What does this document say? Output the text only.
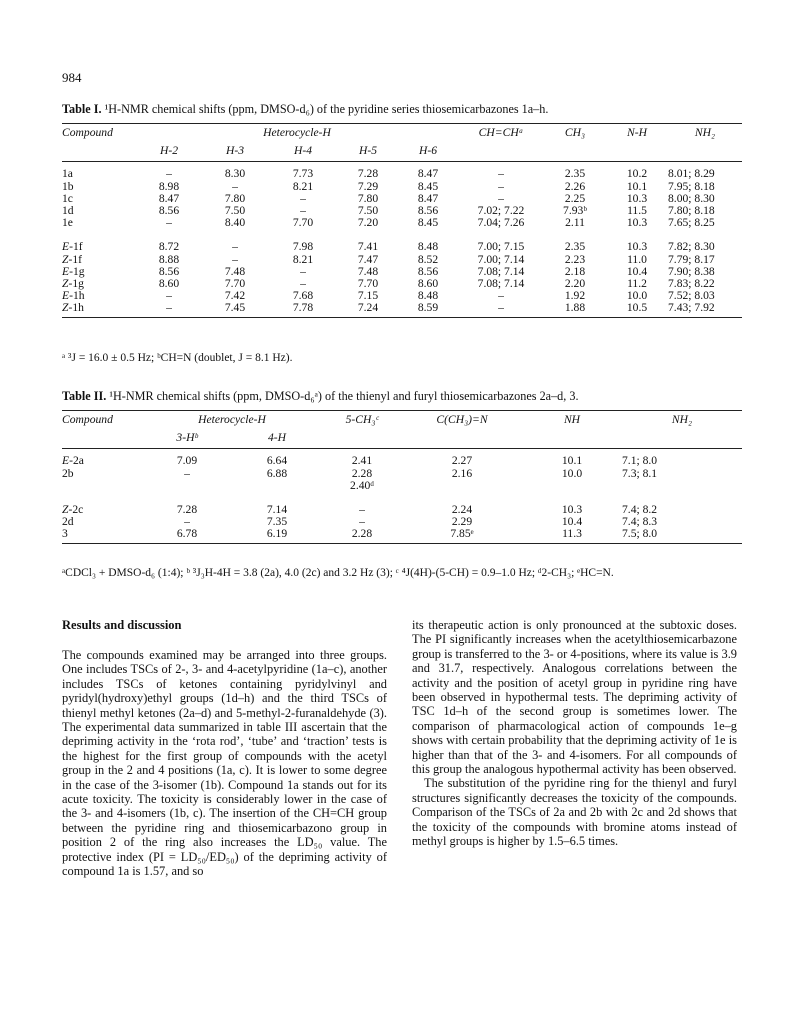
984
Table I. ¹H-NMR chemical shifts (ppm, DMSO-d₆) of the pyridine series thiosemicarbazones 1a–h.
Compound	Heterocycle-H					CH=CHᵃ	CH₃	N-H	NH₂
	H-2	H-3	H-4	H-5	H-6				
1a	–	8.30	7.73	7.28	8.47	–	2.35	10.2	8.01; 8.29
1b	8.98	–	8.21	7.29	8.45	–	2.26	10.1	7.95; 8.18
1c	8.47	7.80	–	7.80	8.47	–	2.25	10.3	8.00; 8.30
1d	8.56	7.50	–	7.50	8.56	7.02; 7.22	7.93ᵇ	11.5	7.80; 8.18
1e	–	8.40	7.70	7.20	8.45	7.04; 7.26	2.11	10.3	7.65; 8.25
E-1f	8.72	–	7.98	7.41	8.48	7.00; 7.15	2.35	10.3	7.82; 8.30
Z-1f	8.88	–	8.21	7.47	8.52	7.00; 7.14	2.23	11.0	7.79; 8.17
E-1g	8.56	7.48	–	7.48	8.56	7.08; 7.14	2.18	10.4	7.90; 8.38
Z-1g	8.60	7.70	–	7.70	8.60	7.08; 7.14	2.20	11.2	7.83; 8.22
E-1h	–	7.42	7.68	7.15	8.48	–	1.92	10.0	7.52; 8.03
Z-1h	–	7.45	7.78	7.24	8.59	–	1.88	10.5	7.43; 7.92
ᵃ ³J = 16.0 ± 0.5 Hz; ᵇCH=N (doublet, J = 8.1 Hz).
Table II. ¹H-NMR chemical shifts (ppm, DMSO-d₆ᵃ) of the thienyl and furyl thiosemicarbazones 2a–d, 3.
Compound	Heterocycle-H		5-CH₃ᶜ	C(CH₃)=N	NH	NH₂
	3-Hᵇ	4-H				
E-2a	7.09	6.64	2.41	2.27	10.1	7.1; 8.0
2b	–	6.88	2.28	2.16	10.0	7.3; 8.1
			2.40ᵈ			
Z-2c	7.28	7.14	–	2.24	10.3	7.4; 8.2
2d	–	7.35	–	2.29	10.4	7.4; 8.3
3	6.78	6.19	2.28	7.85ᵉ	11.3	7.5; 8.0
ᵃCDCl₃ + DMSO-d₆ (1:4); ᵇ ³J₃H-4H = 3.8 (2a), 4.0 (2c) and 3.2 Hz (3); ᶜ ⁴J(4H)-(5-CH) = 0.9–1.0 Hz; ᵈ2-CH₃; ᵉHC=N.
Results and discussion

The compounds examined may be arranged into three groups. One includes TSCs of 2-, 3- and 4-acetylpyridine (1a–c), another includes TSCs of ketones containing pyridylvinyl and pyridyl(hydroxy)ethyl groups (1d–h) and the third TSCs of thienyl methyl ketones (2a–d) and 5-methyl-2-furanaldehyde (3). The experimental data summarized in table III ascertain that the depriming activity in the ‘rota rod’, ‘tube’ and ‘traction’ tests is the highest for the first group of compounds with the acetyl group in the 2 and 4 positions (1a, c). It is lower to some degree in the case of the 3-isomer (1b). Compound 1a stands out for its acute toxicity. The toxicity is considerably lower in the case of the 3- and 4-isomers (1b, c). The insertion of the CH=CH group between the pyridine ring and thiosemicarbazono group in position 2 of the ring also increases the LD₅₀ value. The protective index (PI = LD₅₀/ED₅₀) of the depriming activity of compound 1a is 1.57, and so

its therapeutic action is only pronounced at the subtoxic doses. The PI significantly increases when the acetylthiosemicarbazone group is transferred to the 3- or 4-positions, where its value is 3.9 and 31.7, respectively. Analogous correlations between the activity and the position of acetyl group in pyridine ring have been observed in hypothermal tests. The depriming activity of TSC 1d–h of the second group is sometimes lower. The comparison of pharmacological action of compounds 1e–g shows with certain probability that the depriming activity of 1e is higher than that of the 3- and 4-isomers. For all compounds of this group the analogous hypothermal activity has been observed.

The substitution of the pyridine ring for the thienyl and furyl structures significantly decreases the toxicity of the compounds. Comparison of the TSCs of 2a and 2b with 2c and 2d shows that the toxicity of the compounds with bromine atoms instead of methyl groups is higher by 1.5–6.5 times.
